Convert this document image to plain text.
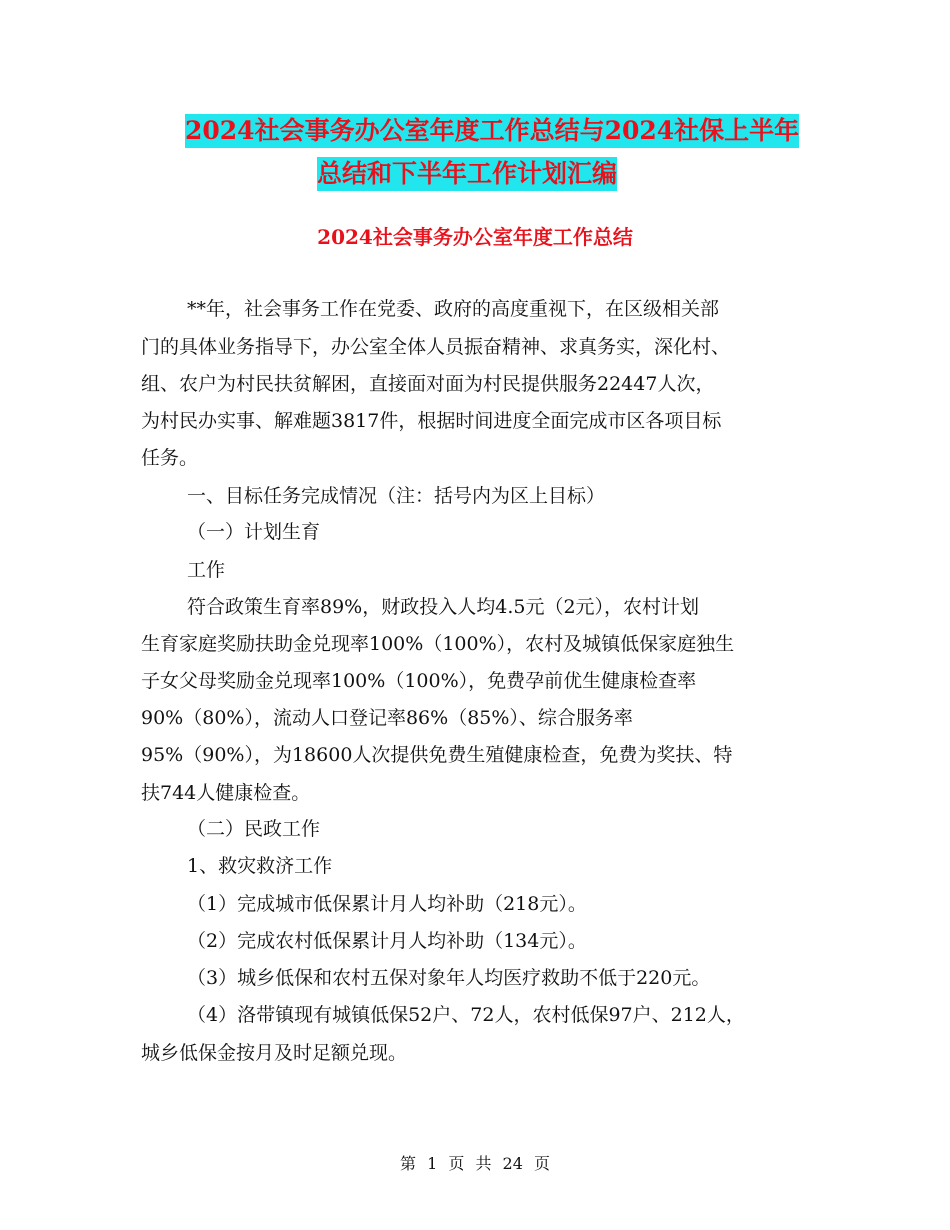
2024社会事务办公室年度工作总结与2024社保上半年
总结和下半年工作计划汇编
2024社会事务办公室年度工作总结
**年，社会事务工作在党委、政府的高度重视下，在区级相关部
门的具体业务指导下，办公室全体人员振奋精神、求真务实，深化村、
组、农户为村民扶贫解困，直接面对面为村民提供服务22447人次，
为村民办实事、解难题3817件，根据时间进度全面完成市区各项目标
任务。
一、目标任务完成情况（注：括号内为区上目标）
（一）计划生育
工作
符合政策生育率89%，财政投入人均4.5元（2元），农村计划
生育家庭奖励扶助金兑现率100%（100%），农村及城镇低保家庭独生
子女父母奖励金兑现率100%（100%），免费孕前优生健康检查率
90%（80%），流动人口登记率86%（85%）、综合服务率
95%（90%），为18600人次提供免费生殖健康检查，免费为奖扶、特
扶744人健康检查。
（二）民政工作
1、救灾救济工作
（1）完成城市低保累计月人均补助（218元）。
（2）完成农村低保累计月人均补助（134元）。
（3）城乡低保和农村五保对象年人均医疗救助不低于220元。
（4）洛带镇现有城镇低保52户、72人，农村低保97户、212人，
城乡低保金按月及时足额兑现。
第 1 页 共 24 页
